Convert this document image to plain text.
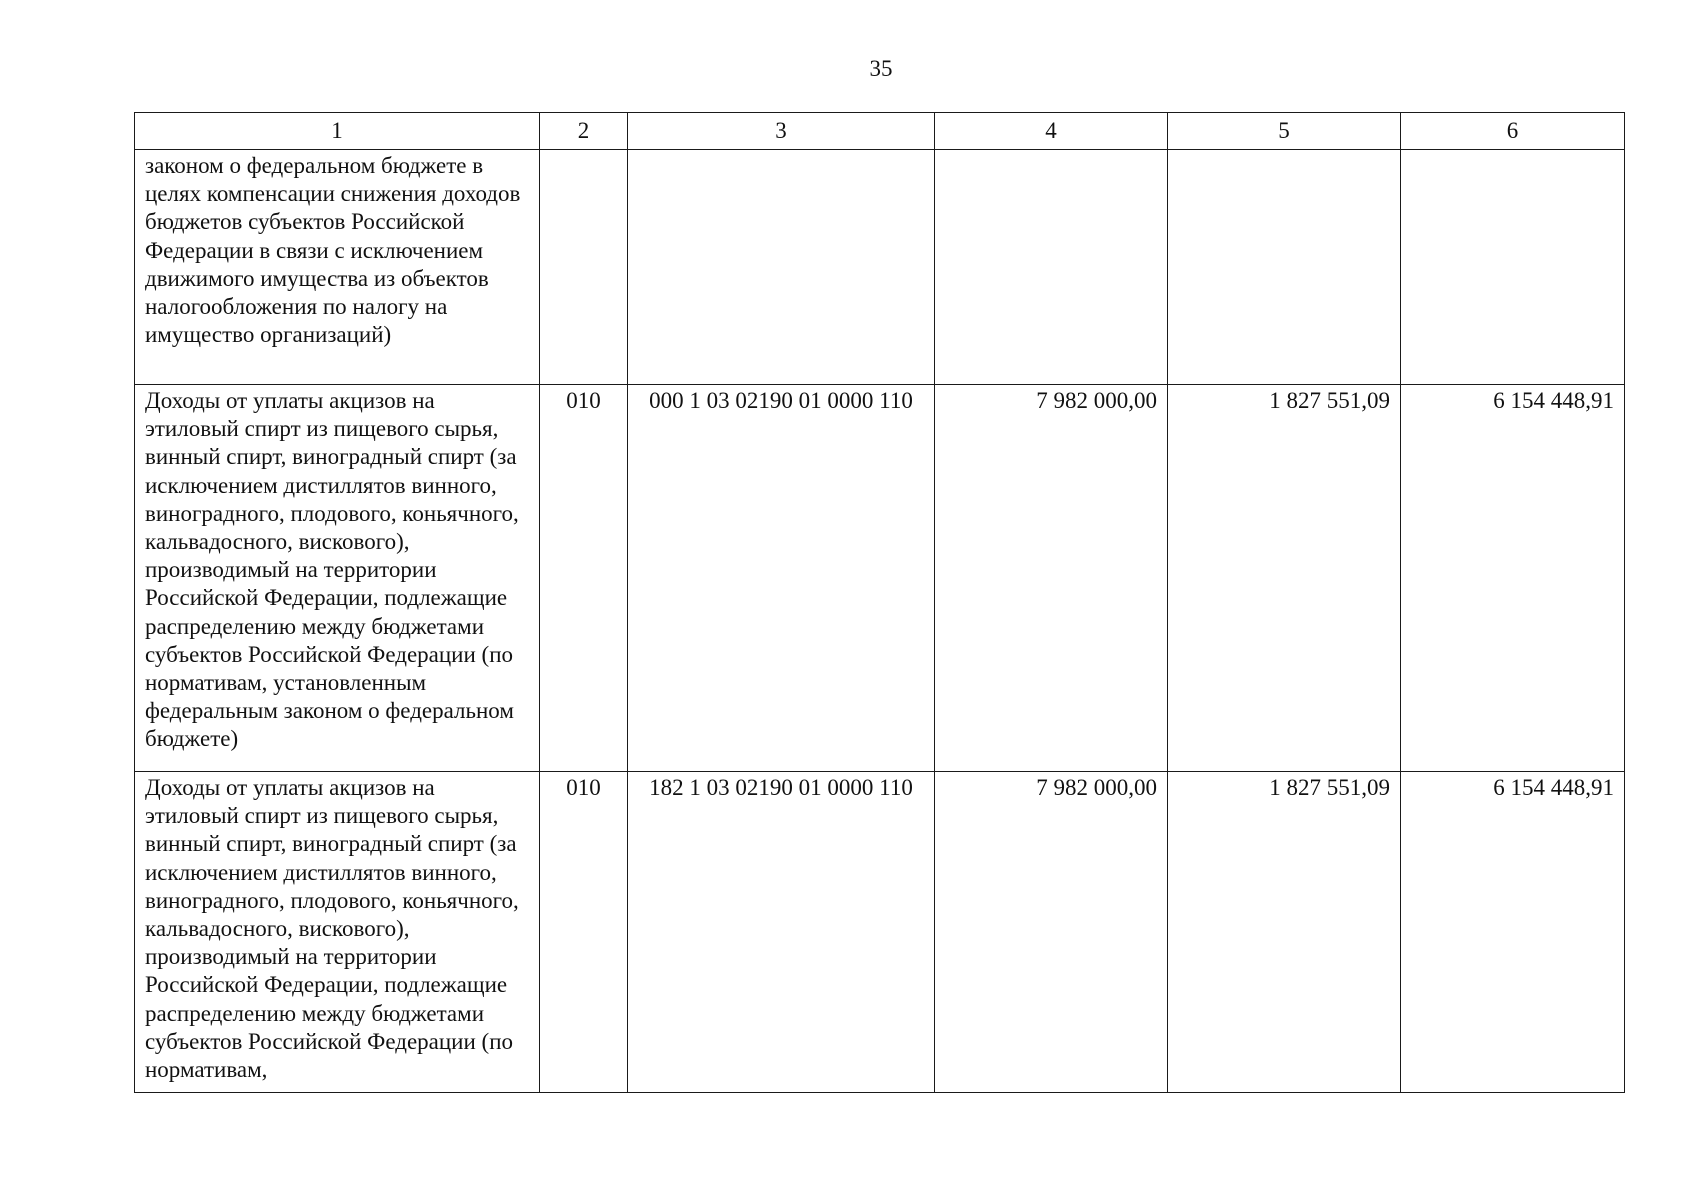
35
1	2	3	4	5	6
законом о федеральном бюджете в целях компенсации снижения доходов бюджетов субъектов Российской Федерации в связи с исключением движимого имущества из объектов налогообложения по налогу на имущество организаций)					
Доходы от уплаты акцизов на этиловый спирт из пищевого сырья, винный спирт, виноградный спирт (за исключением дистиллятов винного, виноградного, плодового, коньячного, кальвадосного, вискового), производимый на территории Российской Федерации, подлежащие распределению между бюджетами субъектов Российской Федерации (по нормативам, установленным федеральным законом о федеральном бюджете)	010	000 1 03 02190 01 0000 110	7 982 000,00	1 827 551,09	6 154 448,91
Доходы от уплаты акцизов на этиловый спирт из пищевого сырья, винный спирт, виноградный спирт (за исключением дистиллятов винного, виноградного, плодового, коньячного, кальвадосного, вискового), производимый на территории Российской Федерации, подлежащие распределению между бюджетами субъектов Российской Федерации (по нормативам,	010	182 1 03 02190 01 0000 110	7 982 000,00	1 827 551,09	6 154 448,91
